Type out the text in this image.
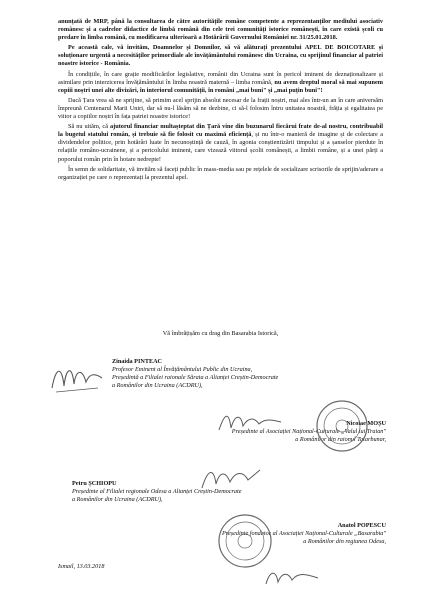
anunțată de MRP, până la consultarea de către autoritățile române competente a reprezentanților mediului asociativ românesc și a cadrelor didactice de limbă română din cele trei comunități istorice românești, în care există școli cu predare în limba română, cu modificarea ulterioară a Hotărârii Guvernului României nr. 31/25.01.2018.

Pe această cale, vă invităm, Doamnelor și Domnilor, să vă alăturați prezentului APEL DE BOICOTARE și soluționare urgentă a necesităților primordiale ale învățământului românesc din Ucraina, cu sprijinul financiar al patriei noastre istorice - România.

În condițiile, în care grație modificărilor legislative, românii din Ucraina sunt în pericol iminent de deznaționalizare și asimilare prin interzicerea învățământului în limba noastră maternă – limba română, nu avem dreptul moral să mai supunem copiii noștri unei alte divizări, în interiorul comunității, în români „mai buni" și „mai puțin buni"!

Dacă Țara vrea să ne sprijine, să primim acel sprijin absolut necesar de la frații noștri, mai ales într-un an în care aniversăm împreună Centenarul Marii Uniri, dar să nu-l lăsăm să ne dezbine, ci să-l folosim întru unitatea noastră, frăția și egalitatea pe viitor a copiilor noștri în fața patriei noastre istorice!

Să nu uităm, că ajutorul financiar multașteptat din Țară vine din buzunarul fiecărui frate de-al nostru, contribuabil la bugetul statului român, și trebuie să fie folosit cu maximă eficiență, și nu într-o manieră de imagine și de colectare a dividendelor politice, prin hotărâri luate în necunoștință de cauză, în agonia conștientizării timpului și a șanselor pierdute în relațiile româno-ucrainene, și a pericolului iminent, care vizează viitorul școlii românești, a limbii române, și a unei părți a poporului român prin în hotare nedrepte!

În semn de solidaritate, vă invităm să faceți public în mass-media sau pe rețelele de socializare scrisorile de sprijin/aderare a organizației pe care o reprezentați la prezentul apel.

Vă îmbrățișăm cu drag din Basarabia Istorică,
Zinaida PINTEAC
Profesor Eminent al Învățământului Public din Ucraina,
Președintă a Filialei raionale Sărata a Alianței Creștin-Democrate
a Românilor din Ucraina (ACDRU),
Nicolae MOȘU
Președinte al Asociației Național-Culturale „Valul lui Traian"
a Românilor din raionul Tatarbunar,
Petru ȘCHIOPU
Președinte al Filialei regionale Odesa a Alianței Creștin-Democrate
a Românilor din Ucraina (ACDRU),
Anatol POPESCU
Președinte fondator al Asociației Național-Culturale „Basarabia"
a Românilor din regiunea Odesa,
Ismail, 13.03.2018
